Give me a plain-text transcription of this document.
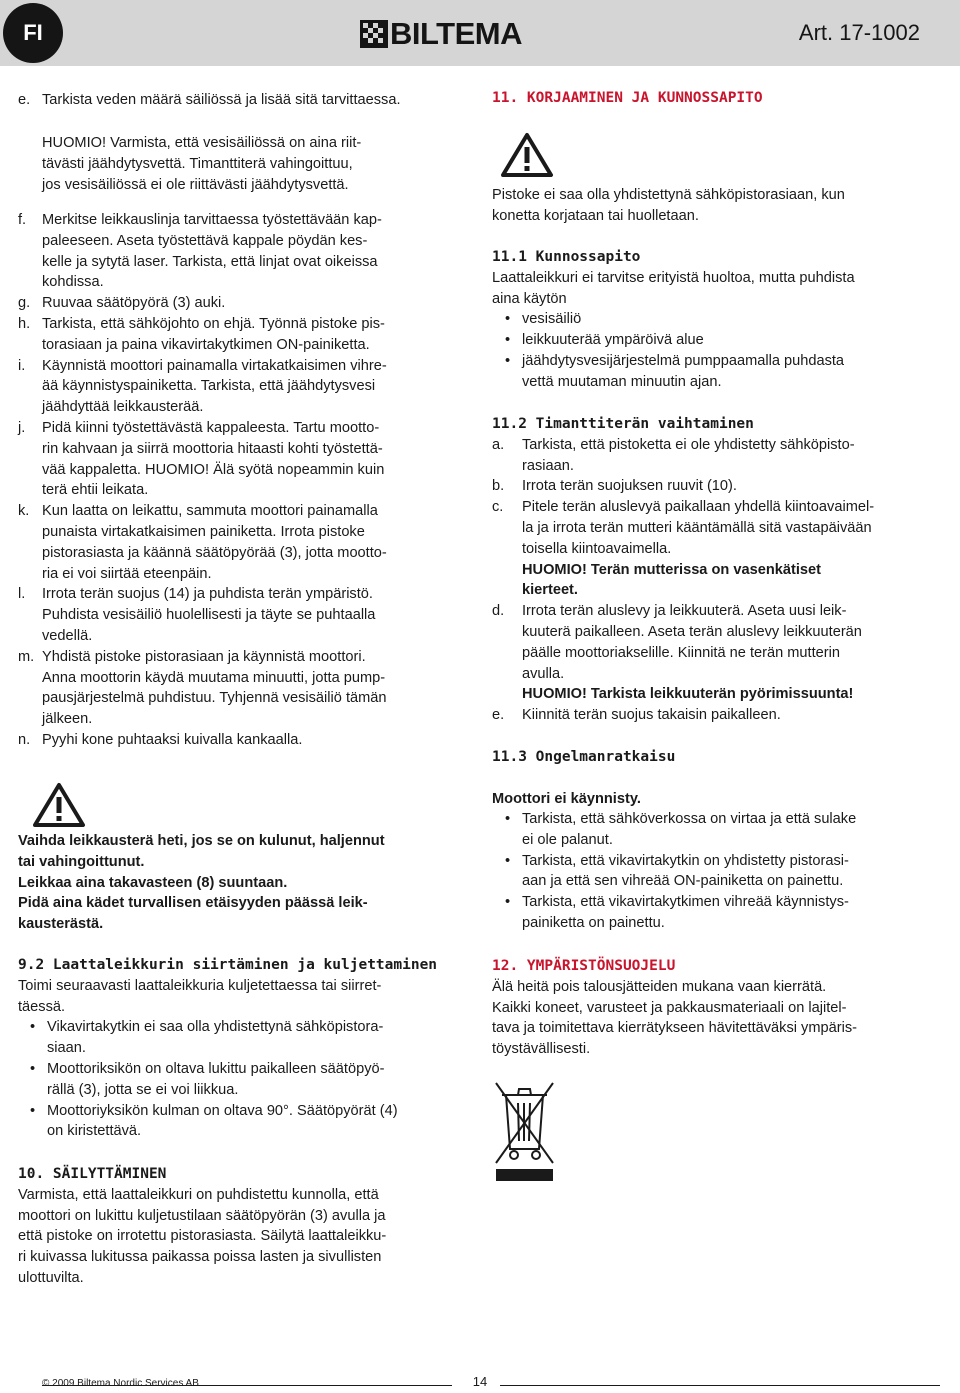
FI	BILTEMA	Art. 17-1002
© 2009 Biltema Nordic Services AB	14
e. Tarkista veden määrä säiliössä ja lisää sitä tarvittaessa.
HUOMIO! Varmista, että vesisäiliössä on aina riit-
tävästi jäähdytysvettä. Timanttiterä vahingoittuu,
jos vesisäiliössä ei ole riittävästi jäähdytysvettä.
f. Merkitse leikkauslinja tarvittaessa työstettävään kap-
paleeseen. Aseta työstettävä kappale pöydän kes-
kelle ja sytytä laser. Tarkista, että linjat ovat oikeissa
kohdissa.
g. Ruuvaa säätöpyörä (3) auki.
h. Tarkista, että sähköjohto on ehjä. Työnnä pistoke pis-
torasiaan ja paina vikavirtakytkimen ON-painiketta.
i. Käynnistä moottori painamalla virtakatkaisimen vihre-
ää käynnistyspainiketta. Tarkista, että jäähdytysvesi
jäähdyttää leikkausterää.
j. Pidä kiinni työstettävästä kappaleesta. Tartu mootto-
rin kahvaan ja siirrä moottoria hitaasti kohti työstettä-
vää kappaletta. HUOMIO! Älä syötä nopeammin kuin
terä ehtii leikata.
k. Kun laatta on leikattu, sammuta moottori painamalla
punaista virtakatkaisimen painiketta. Irrota pistoke
pistorasiasta ja käännä säätöpyörää (3), jotta mootto-
ria ei voi siirtää eteenpäin.
l. Irrota terän suojus (14) ja puhdista terän ympäristö.
Puhdista vesisäiliö huolellisesti ja täyte se puhtaalla
vedellä.
m. Yhdistä pistoke pistorasiaan ja käynnistä moottori.
Anna moottorin käydä muutama minuutti, jotta pump-
pausjärjestelmä puhdistuu. Tyhjennä vesisäiliö tämän
jälkeen.
n. Pyyhi kone puhtaaksi kuivalla kankaalla.
Vaihda leikkausterä heti, jos se on kulunut, haljennut
tai vahingoittunut.
Leikkaa aina takavasteen (8) suuntaan.
Pidä aina kädet turvallisen etäisyyden päässä leik-
kausterästä.
9.2 Laattaleikkurin siirtäminen ja kuljettaminen
Toimi seuraavasti laattaleikkuria kuljetettaessa tai siirret-
täessä.
• Vikavirtakytkin ei saa olla yhdistettynä sähköpistora-
siaan.
• Moottoriksikön on oltava lukittu paikalleen säätöpyö-
rällä (3), jotta se ei voi liikkua.
• Moottoriyksikön kulman on oltava 90°. Säätöpyörät (4)
on kiristettävä.
10. SÄILYTTÄMINEN
Varmista, että laattaleikkuri on puhdistettu kunnolla, että
moottori on lukittu kuljetustilaan säätöpyörän (3) avulla ja
että pistoke on irrotettu pistorasiasta. Säilytä laattaleikku-
ri kuivassa lukitussa paikassa poissa lasten ja sivullisten
ulottuvilta.
11. KORJAAMINEN JA KUNNOSSAPITO
Pistoke ei saa olla yhdistettynä sähköpistorasiaan, kun
konetta korjataan tai huolletaan.
11.1 Kunnossapito
Laattaleikkuri ei tarvitse erityistä huoltoa, mutta puhdista
aina käytön
• vesisäiliö
• leikkuuterää ympäröivä alue
• jäähdytysvesijärjestelmä pumppaamalla puhdasta
vettä muutaman minuutin ajan.
11.2 Timanttiterän vaihtaminen
a. Tarkista, että pistoketta ei ole yhdistetty sähköpisto-
rasiaan.
b. Irrota terän suojuksen ruuvit (10).
c. Pitele terän aluslevyä paikallaan yhdellä kiintoavaimel-
la ja irrota terän mutteri kääntämällä sitä vastapäivään
toisella kiintoavaimella.
HUOMIO! Terän mutterissa on vasenkätiset
kierteet.
d. Irrota terän aluslevy ja leikkuuterä. Aseta uusi leik-
kuuterä paikalleen. Aseta terän aluslevy leikkuuterän
päälle moottoriakselille. Kiinnitä ne terän mutterin
avulla.
HUOMIO! Tarkista leikkuuterän pyörimissuunta!
e. Kiinnitä terän suojus takaisin paikalleen.
11.3 Ongelmanratkaisu
Moottori ei käynnisty.
• Tarkista, että sähköverkossa on virtaa ja että sulake
ei ole palanut.
• Tarkista, että vikavirtakytkin on yhdistetty pistorasi-
aan ja että sen vihreää ON-painiketta on painettu.
• Tarkista, että vikavirtakytkimen vihreää käynnistys-
painiketta on painettu.
12. YMPÄRISTÖNSUOJELU
Älä heitä pois talousjätteiden mukana vaan kierrätä.
Kaikki koneet, varusteet ja pakkausmateriaali on lajitel-
tava ja toimitettava kierrätykseen hävitettäväksi ympäris-
töystävällisesti.
